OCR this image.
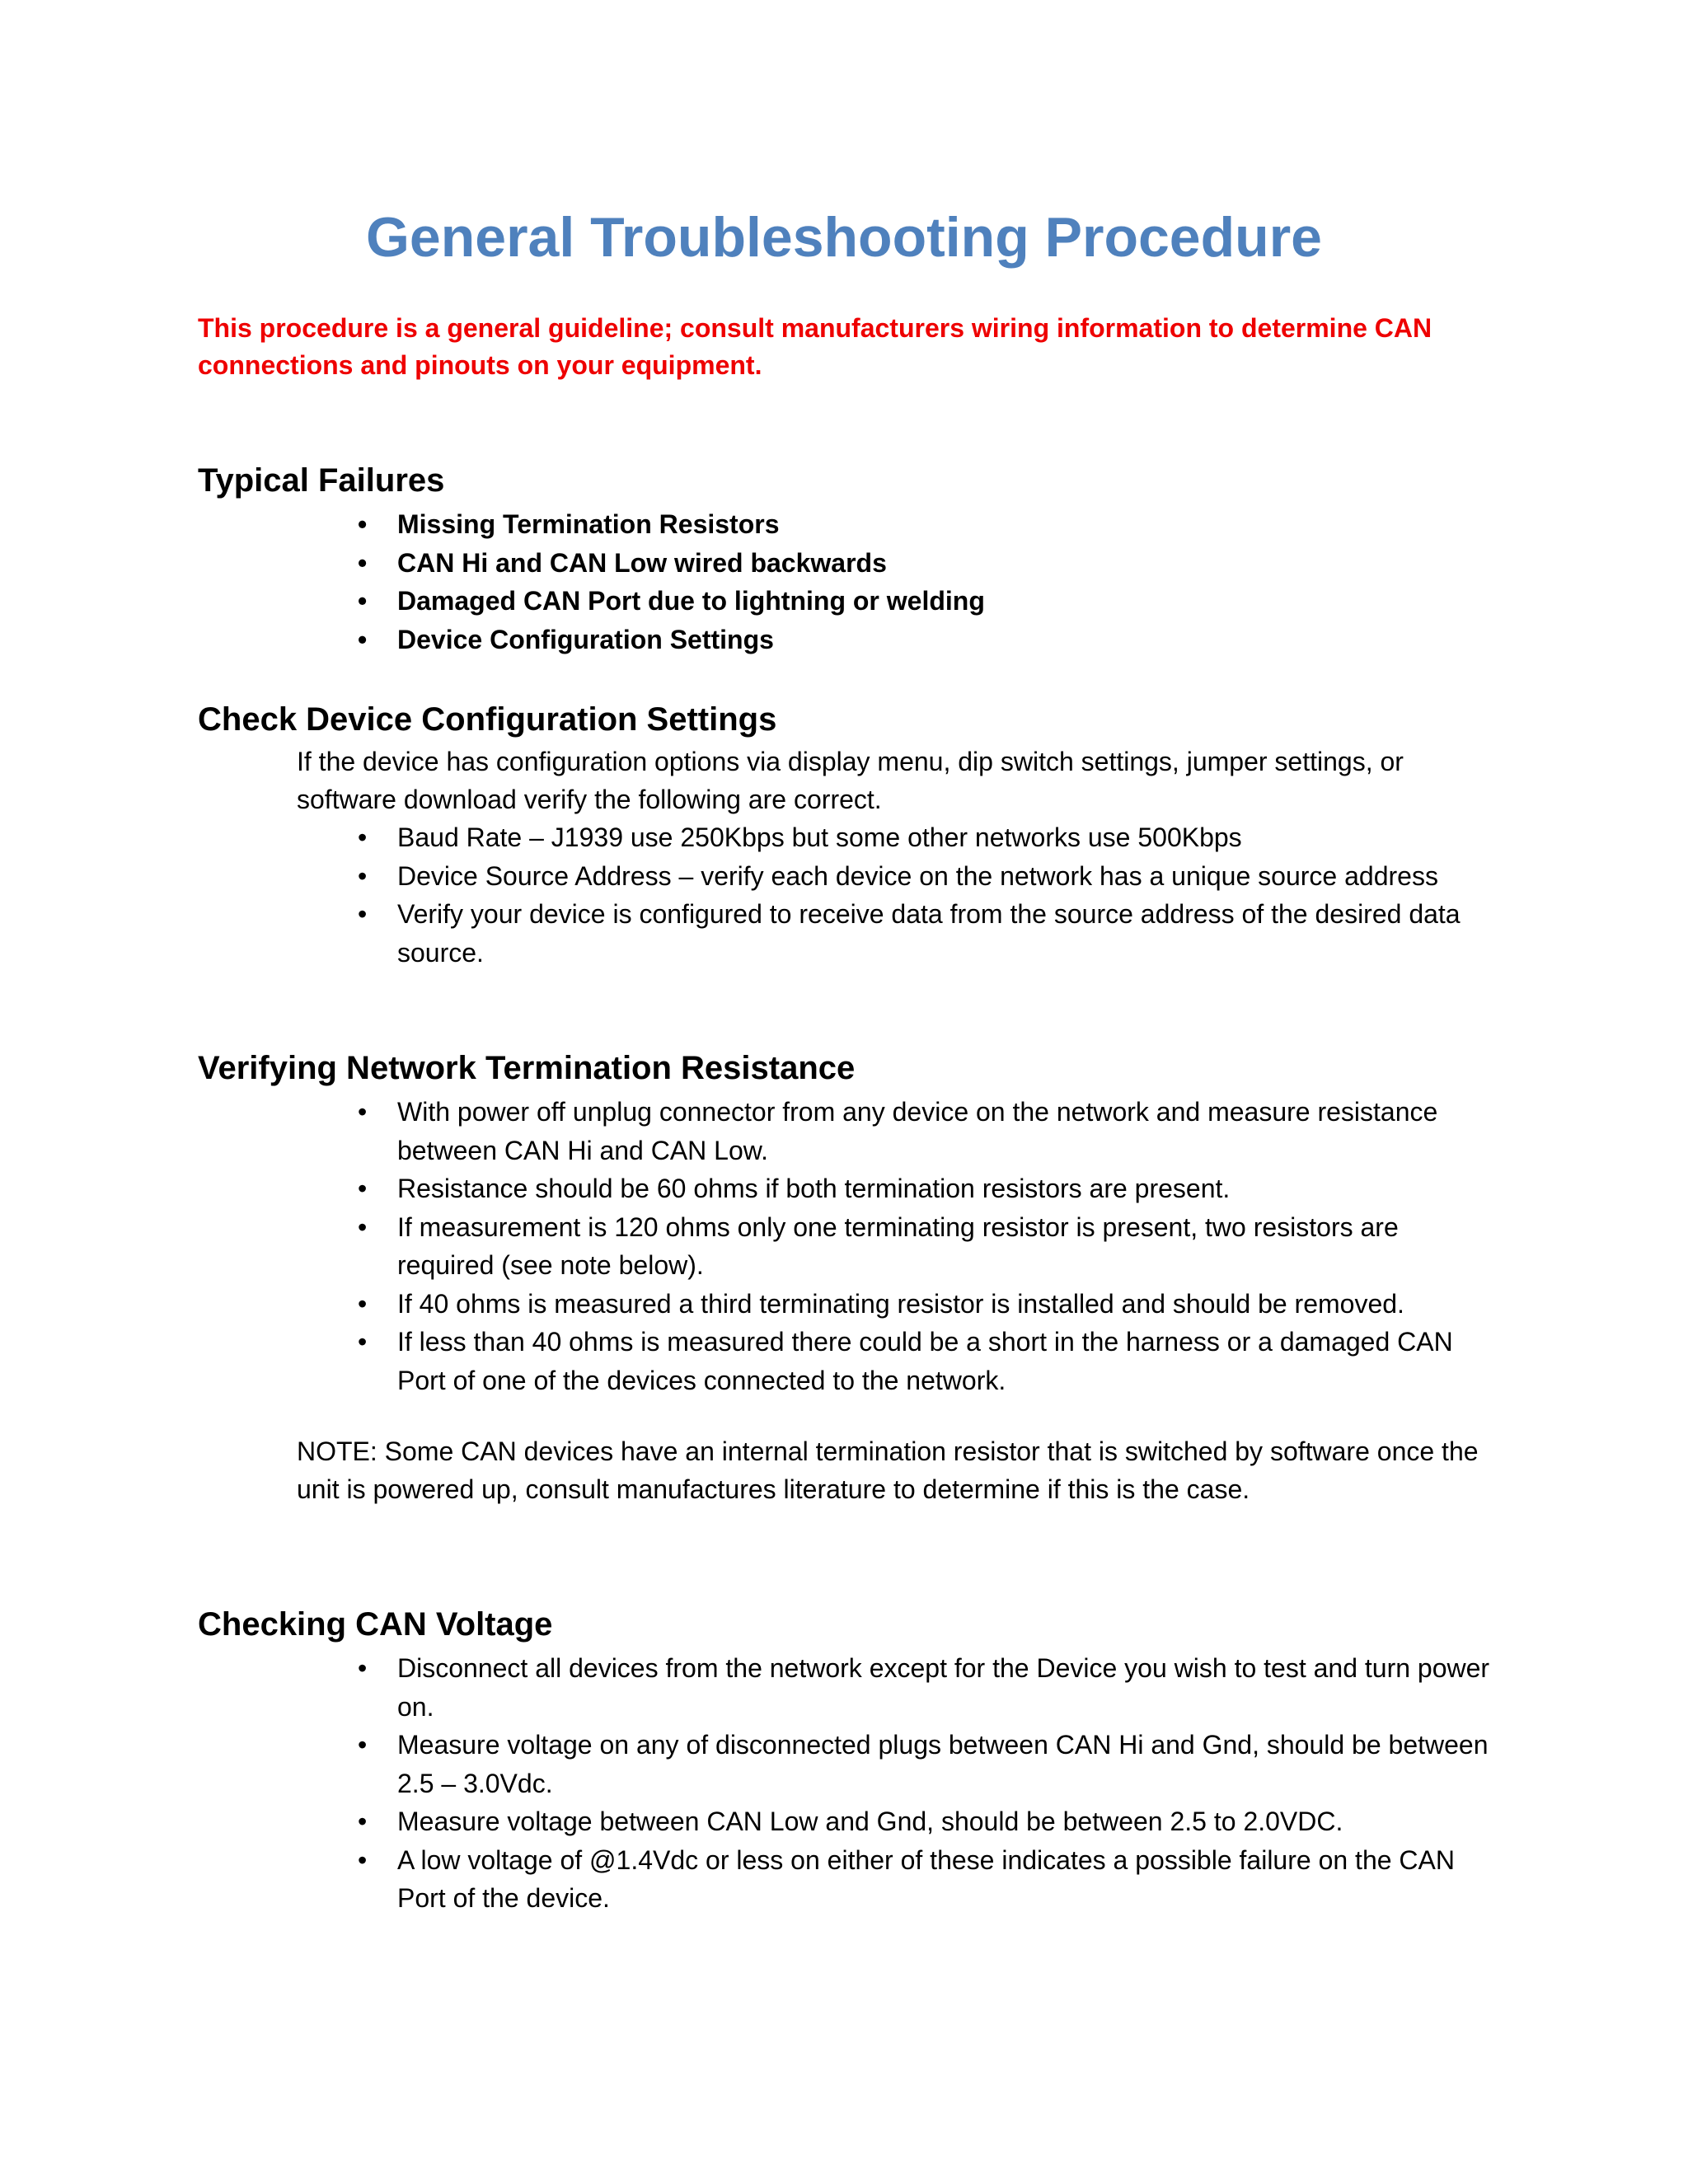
General Troubleshooting Procedure

This procedure is a general guideline; consult manufacturers wiring information to determine CAN connections and pinouts on your equipment.

Typical Failures
• Missing Termination Resistors
• CAN Hi and CAN Low wired backwards
• Damaged CAN Port due to lightning or welding
• Device Configuration Settings
Check Device Configuration Settings

If the device has configuration options via display menu, dip switch settings, jumper settings, or software download verify the following are correct.

• Baud Rate – J1939 use 250Kbps but some other networks use 500Kbps
• Device Source Address – verify each device on the network has a unique source address
• Verify your device is configured to receive data from the source address of the desired data source.
Verifying Network Termination Resistance
• With power off unplug connector from any device on the network and measure resistance between CAN Hi and CAN Low.
• Resistance should be 60 ohms if both termination resistors are present.
• If measurement is 120 ohms only one terminating resistor is present, two resistors are required (see note below).
• If 40 ohms is measured a third terminating resistor is installed and should be removed.
• If less than 40 ohms is measured there could be a short in the harness or a damaged CAN Port of one of the devices connected to the network.

NOTE: Some CAN devices have an internal termination resistor that is switched by software once the unit is powered up, consult manufactures literature to determine if this is the case.

Checking CAN Voltage
• Disconnect all devices from the network except for the Device you wish to test and turn power on.
• Measure voltage on any of disconnected plugs between CAN Hi and Gnd, should be between 2.5 – 3.0Vdc.
• Measure voltage between CAN Low and Gnd, should be between 2.5 to 2.0VDC.
• A low voltage of @1.4Vdc or less on either of these indicates a possible failure on the CAN Port of the device.
